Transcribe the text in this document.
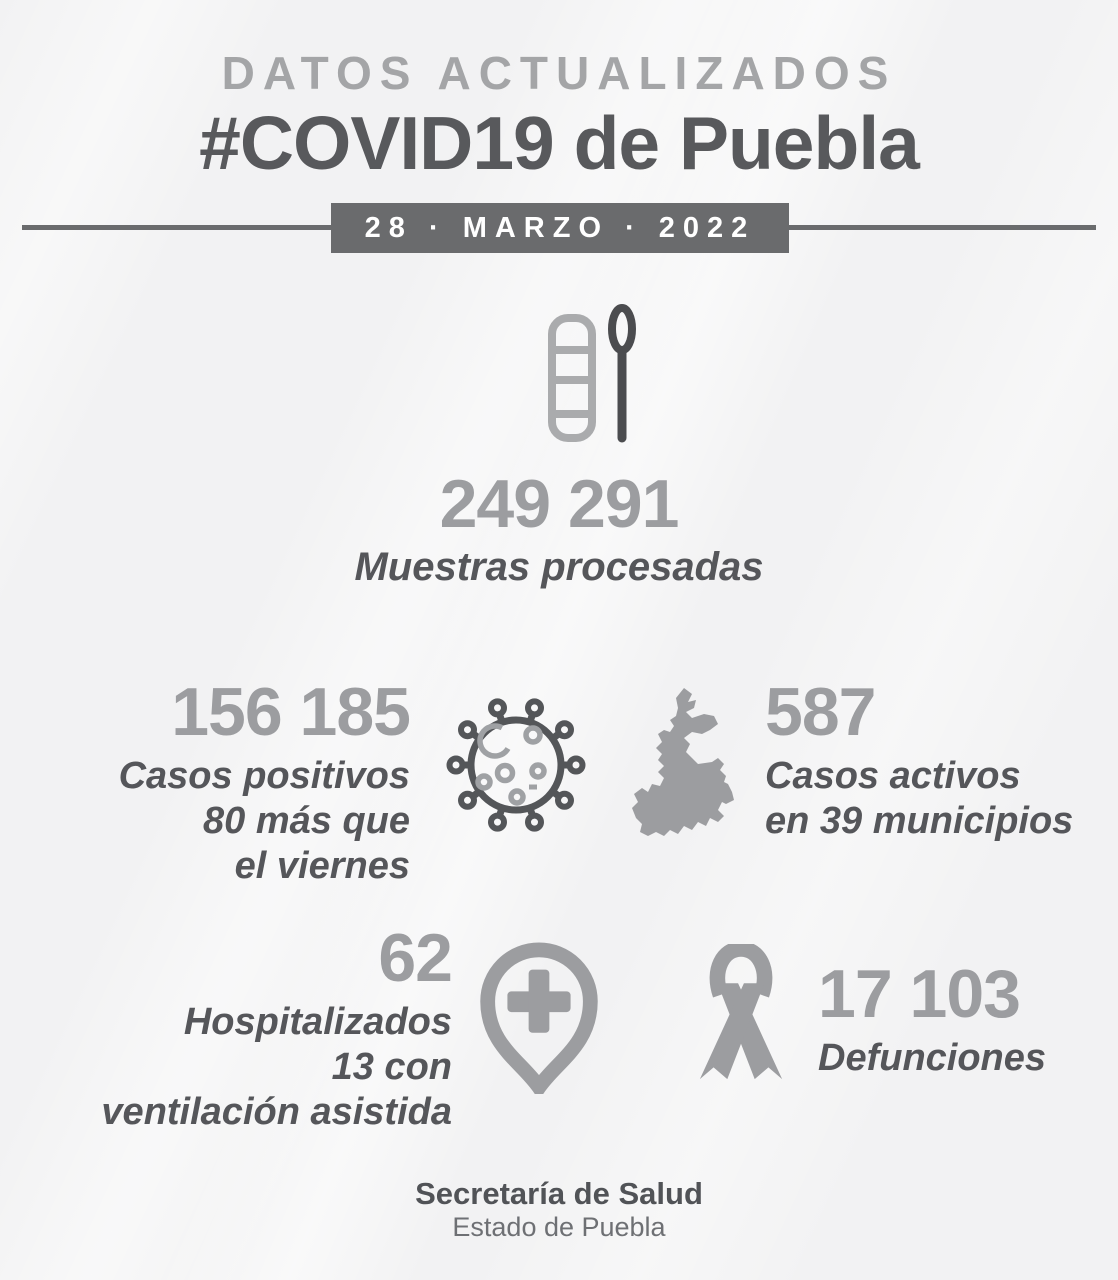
DATOS ACTUALIZADOS
#COVID19 de Puebla
28 · MARZO · 2022
249 291
Muestras procesadas
156 185
Casos positivos
80 más que
el viernes
587
Casos activos
en 39 municipios
62
Hospitalizados
13 con
ventilación asistida
17 103
Defunciones
Secretaría de Salud
Estado de Puebla
